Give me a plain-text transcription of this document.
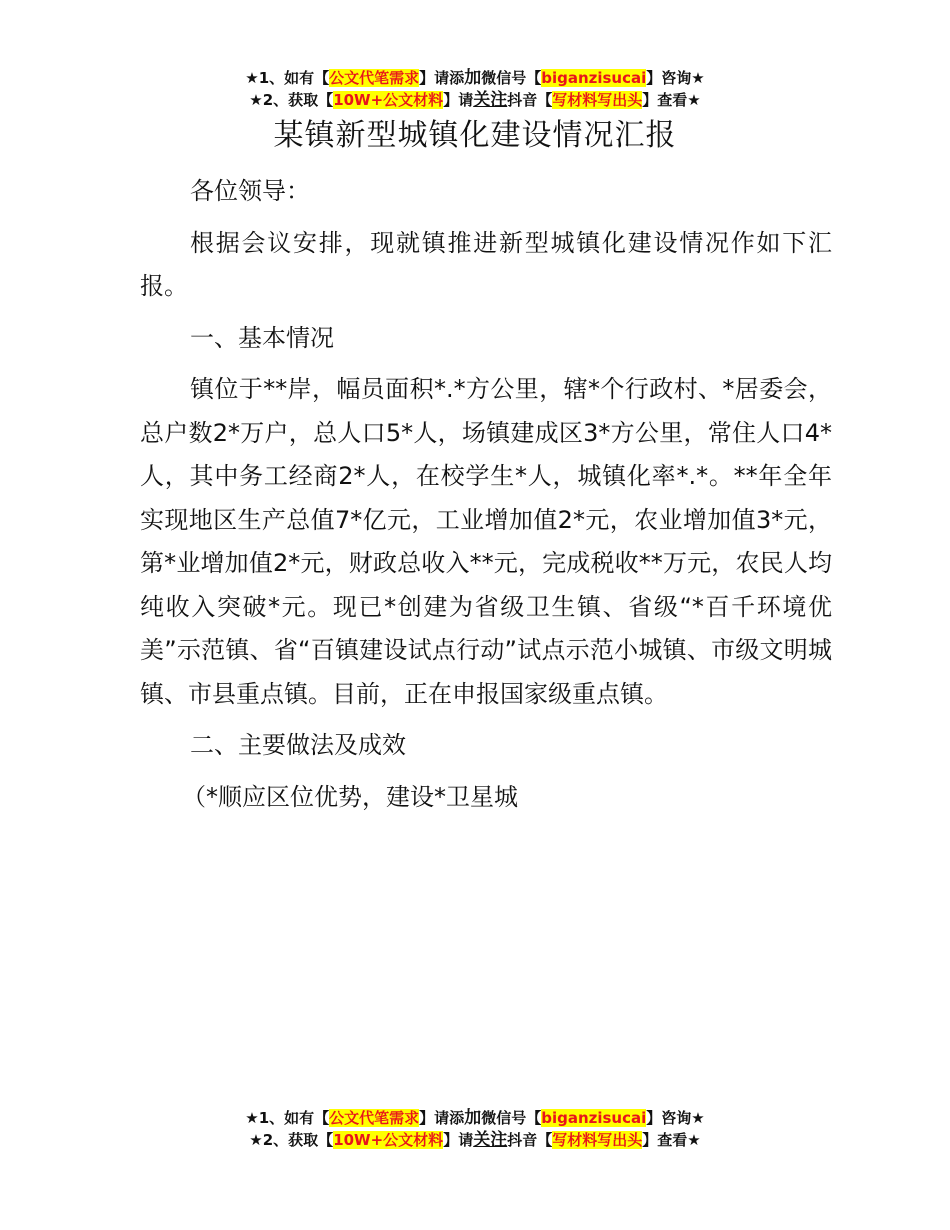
★1、如有【公文代笔需求】请添加微信号【biganzisucai】咨询★
★2、获取【10W+公文材料】请关注抖音【写材料写出头】查看★
某镇新型城镇化建设情况汇报

各位领导：

根据会议安排，现就镇推进新型城镇化建设情况作如下汇报。

一、基本情况

镇位于**岸，幅员面积*.*方公里，辖*个行政村、*居委会，总户数2*万户，总人口5*人，场镇建成区3*方公里，常住人口4*人，其中务工经商2*人，在校学生*人，城镇化率*.*。**年全年实现地区生产总值7*亿元，工业增加值2*元，农业增加值3*元，第*业增加值2*元，财政总收入**元，完成税收**万元，农民人均纯收入突破*元。现已*创建为省级卫生镇、省级“*百千环境优美”示范镇、省“百镇建设试点行动”试点示范小城镇、市级文明城镇、市县重点镇。目前，正在申报国家级重点镇。

二、主要做法及成效

（*顺应区位优势，建设*卫星城

★1、如有【公文代笔需求】请添加微信号【biganzisucai】咨询★
★2、获取【10W+公文材料】请关注抖音【写材料写出头】查看★
